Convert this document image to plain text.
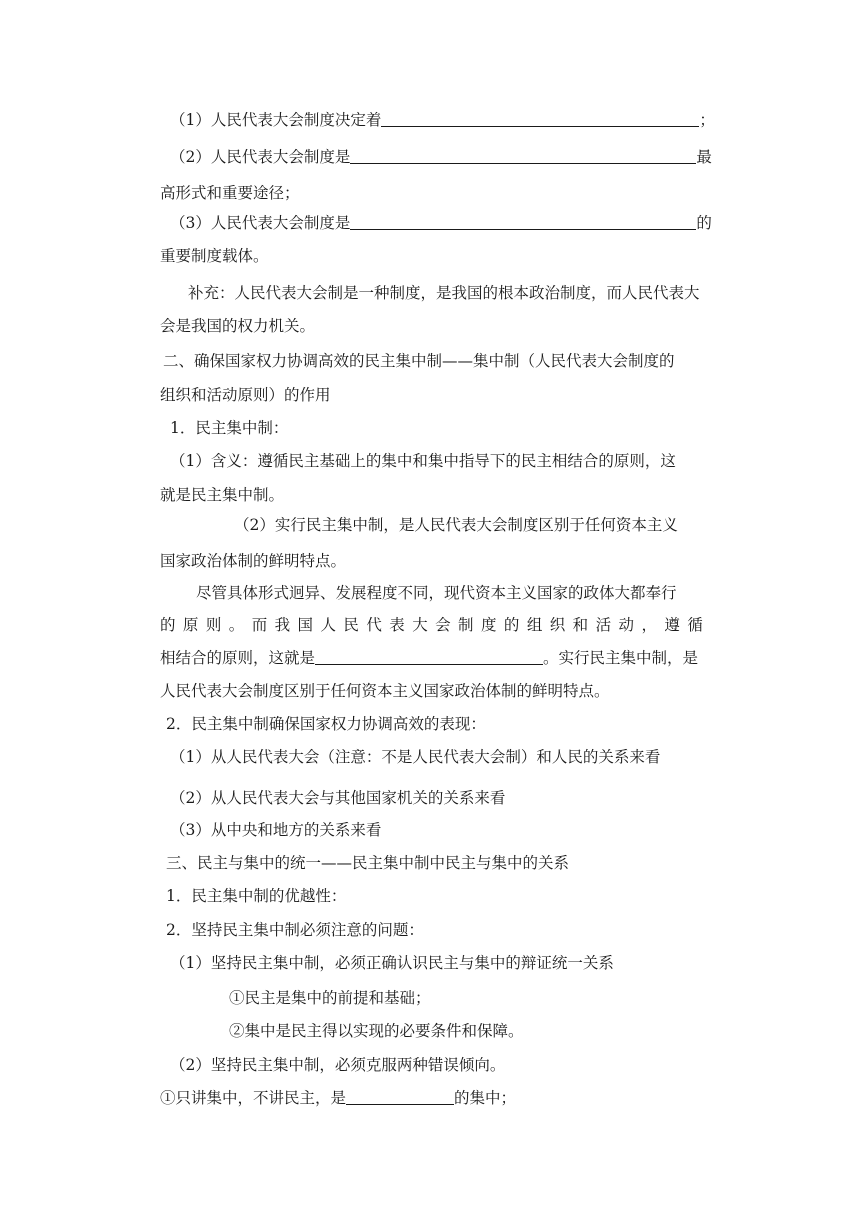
（1）人民代表大会制度决定着	；

（2）人民代表大会制度是	最

高形式和重要途径；

（3）人民代表大会制度是	的

重要制度载体。

补充：人民代表大会制是一种制度，是我国的根本政治制度，而人民代表大

会是我国的权力机关。

二、确保国家权力协调高效的民主集中制——集中制（人民代表大会制度的

组织和活动原则）的作用

1．民主集中制：

（1）含义：遵循民主基础上的集中和集中指导下的民主相结合的原则，这

就是民主集中制。

（2）实行民主集中制，是人民代表大会制度区别于任何资本主义

国家政治体制的鲜明特点。

尽管具体形式迥异、发展程度不同，现代资本主义国家的政体大都奉行

的 原 则 。 而 我 国 人 民 代 表 大 会 制 度 的 组 织 和 活 动 ， 遵 循

相结合的原则，这就是	。实行民主集中制，是

人民代表大会制度区别于任何资本主义国家政治体制的鲜明特点。

2．民主集中制确保国家权力协调高效的表现：

（1）从人民代表大会（注意：不是人民代表大会制）和人民的关系来看

（2）从人民代表大会与其他国家机关的关系来看

（3）从中央和地方的关系来看

三、民主与集中的统一——民主集中制中民主与集中的关系

1．民主集中制的优越性：

2．坚持民主集中制必须注意的问题：

（1）坚持民主集中制，必须正确认识民主与集中的辩证统一关系

①民主是集中的前提和基础；

②集中是民主得以实现的必要条件和保障。

（2）坚持民主集中制，必须克服两种错误倾向。

①只讲集中，不讲民主，是	的集中；
